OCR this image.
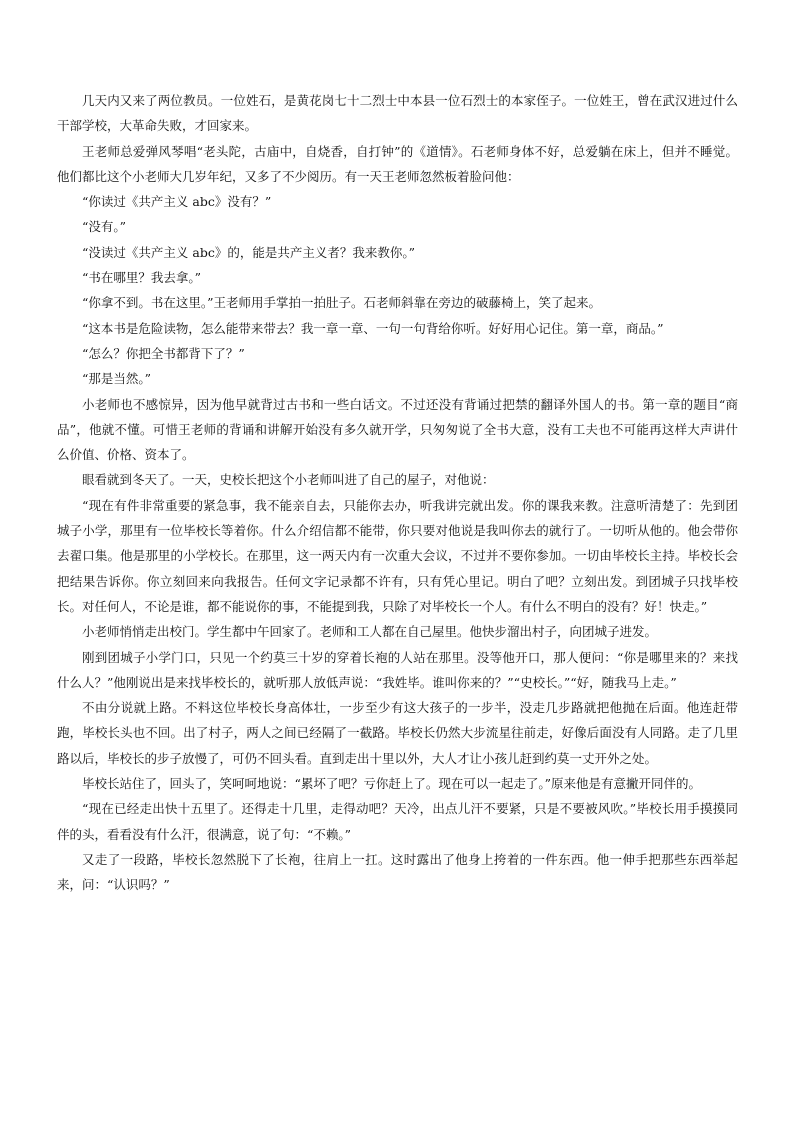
几天内又来了两位教员。一位姓石，是黄花岗七十二烈士中本县一位石烈士的本家侄子。一位姓王，曾在武汉进过什么干部学校，大革命失败，才回家来。

王老师总爱弹风琴唱“老头陀，古庙中，自烧香，自打钟”的《道情》。石老师身体不好，总爱躺在床上，但并不睡觉。他们都比这个小老师大几岁年纪，又多了不少阅历。有一天王老师忽然板着脸问他：

“你读过《共产主义 abc》没有？”

“没有。”

“没读过《共产主义 abc》的，能是共产主义者？我来教你。”

“书在哪里？我去拿。”

“你拿不到。书在这里。”王老师用手掌拍一拍肚子。石老师斜靠在旁边的破藤椅上，笑了起来。

“这本书是危险读物，怎么能带来带去？我一章一章、一句一句背给你听。好好用心记住。第一章，商品。”

“怎么？你把全书都背下了？”

“那是当然。”

小老师也不感惊异，因为他早就背过古书和一些白话文。不过还没有背诵过把禁的翻译外国人的书。第一章的题目“商品”，他就不懂。可惜王老师的背诵和讲解开始没有多久就开学，只匆匆说了全书大意，没有工夫也不可能再这样大声讲什么价值、价格、资本了。

眼看就到冬天了。一天，史校长把这个小老师叫进了自己的屋子，对他说：

“现在有件非常重要的紧急事，我不能亲自去，只能你去办，听我讲完就出发。你的课我来教。注意听清楚了：先到团城子小学，那里有一位毕校长等着你。什么介绍信都不能带，你只要对他说是我叫你去的就行了。一切听从他的。他会带你去翟口集。他是那里的小学校长。在那里，这一两天内有一次重大会议，不过并不要你参加。一切由毕校长主持。毕校长会把结果告诉你。你立刻回来向我报告。任何文字记录都不许有，只有凭心里记。明白了吧？立刻出发。到团城子只找毕校长。对任何人，不论是谁，都不能说你的事，不能提到我，只除了对毕校长一个人。有什么不明白的没有？好！快走。”

小老师悄悄走出校门。学生都中午回家了。老师和工人都在自己屋里。他快步溜出村子，向团城子进发。

刚到团城子小学门口，只见一个约莫三十岁的穿着长袍的人站在那里。没等他开口，那人便问：“你是哪里来的？来找什么人？”他刚说出是来找毕校长的，就听那人放低声说：“我姓毕。谁叫你来的？”“史校长。”“好，随我马上走。”

不由分说就上路。不料这位毕校长身高体壮，一步至少有这大孩子的一步半，没走几步路就把他抛在后面。他连赶带跑，毕校长头也不回。出了村子，两人之间已经隔了一截路。毕校长仍然大步流星往前走，好像后面没有人同路。走了几里路以后，毕校长的步子放慢了，可仍不回头看。直到走出十里以外，大人才让小孩儿赶到约莫一丈开外之处。

毕校长站住了，回头了，笑呵呵地说：“累坏了吧？亏你赶上了。现在可以一起走了。”原来他是有意撇开同伴的。

“现在已经走出快十五里了。还得走十几里，走得动吧？天冷，出点儿汗不要紧，只是不要被风吹。”毕校长用手摸摸同伴的头，看看没有什么汗，很满意，说了句：“不赖。”

又走了一段路，毕校长忽然脱下了长袍，往肩上一扛。这时露出了他身上挎着的一件东西。他一伸手把那些东西举起来，问：“认识吗？”
